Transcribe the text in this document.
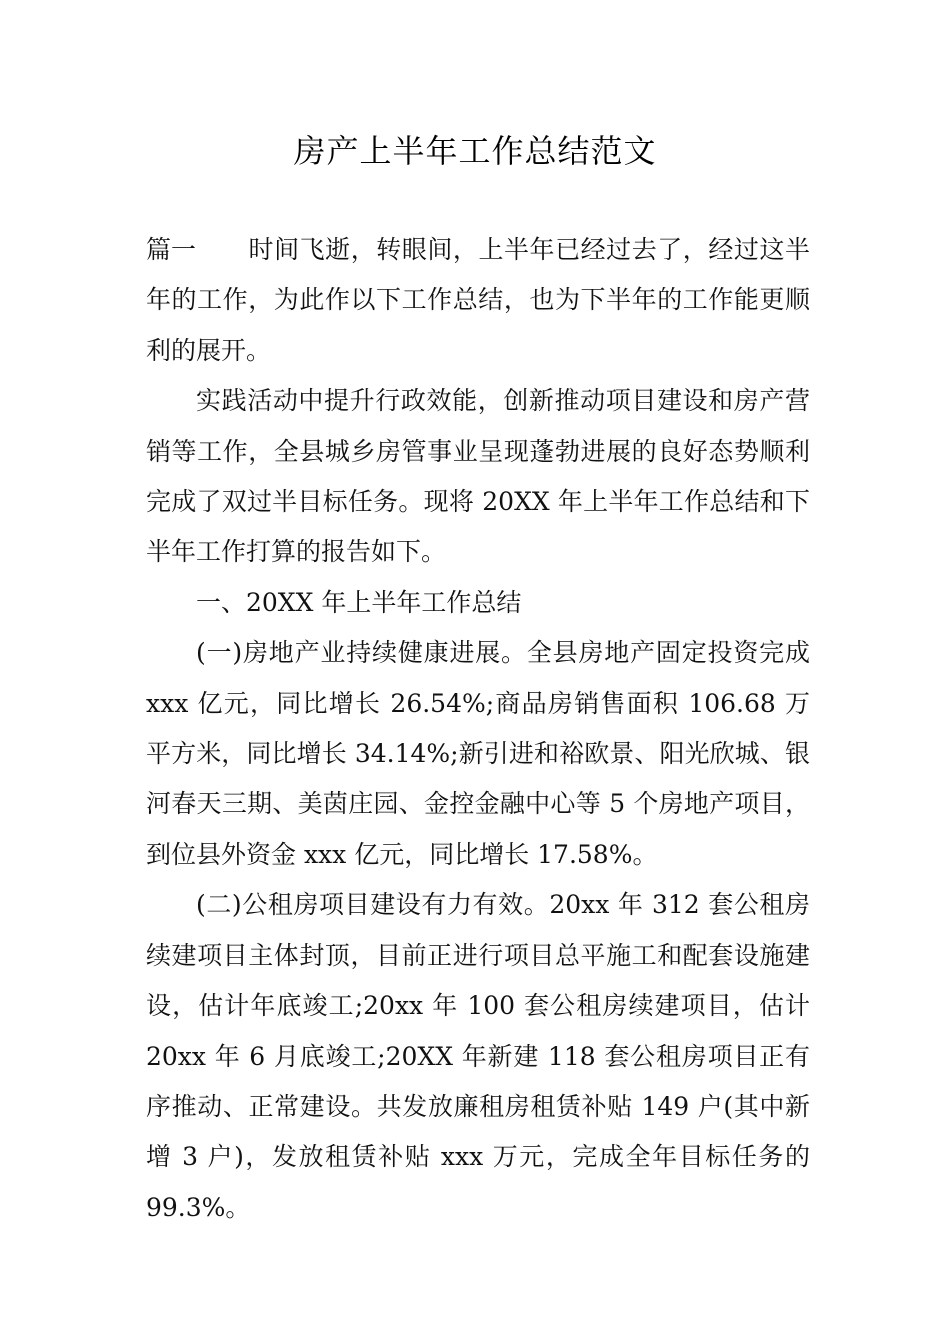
房产上半年工作总结范文

篇一 时间飞逝，转眼间，上半年已经过去了，经过这半年的工作，为此作以下工作总结，也为下半年的工作能更顺利的展开。

实践活动中提升行政效能，创新推动项目建设和房产营销等工作，全县城乡房管事业呈现蓬勃进展的良好态势顺利完成了双过半目标任务。现将 20XX 年上半年工作总结和下半年工作打算的报告如下。

一、20XX 年上半年工作总结

(一)房地产业持续健康进展。全县房地产固定投资完成 xxx 亿元，同比增长 26.54%;商品房销售面积 106.68 万平方米，同比增长 34.14%;新引进和裕欧景、阳光欣城、银河春天三期、美茵庄园、金控金融中心等 5 个房地产项目，到位县外资金 xxx 亿元，同比增长 17.58%。

(二)公租房项目建设有力有效。20xx 年 312 套公租房续建项目主体封顶，目前正进行项目总平施工和配套设施建设，估计年底竣工;20xx 年 100 套公租房续建项目，估计 20xx 年 6 月底竣工;20XX 年新建 118 套公租房项目正有序推动、正常建设。共发放廉租房租赁补贴 149 户(其中新增 3 户)，发放租赁补贴 xxx 万元，完成全年目标任务的 99.3%。
